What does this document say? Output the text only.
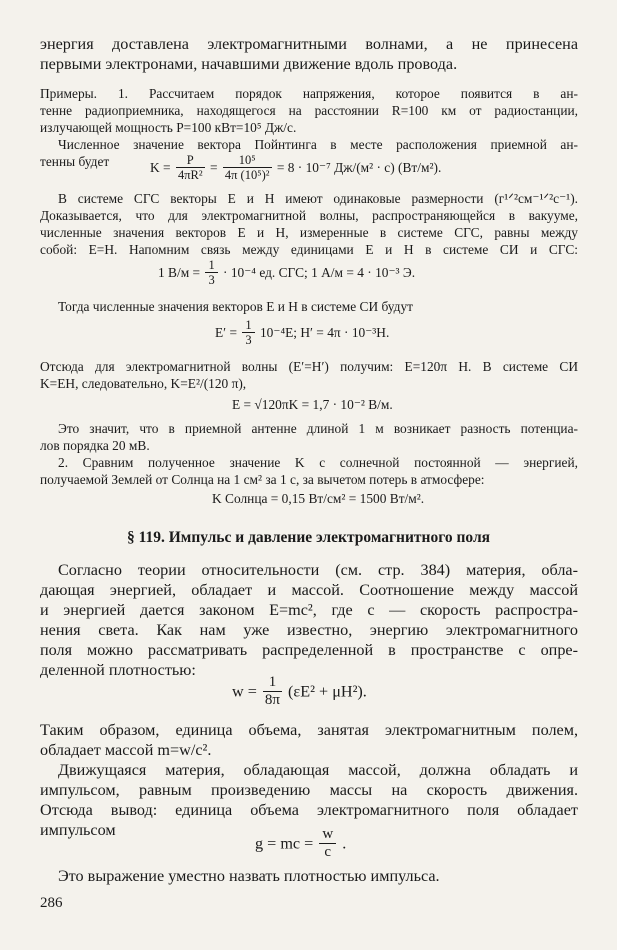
энергия доставлена электромагнитными волнами, а не принесена

первыми электронами, начавшими движение вдоль провода.

Примеры. 1. Рассчитаем порядок напряжения, которое появится в ан-

тенне радиоприемника, находящегося на расстоянии R=100 км от радиостанции,

излучающей мощность P=100 кВт=10⁵ Дж/с.

Численное значение вектора Пойнтинга в месте расположения приемной ан-

тенны будет	$K = \frac{P}{\text{4πR²}} = \frac{\text{10⁵}}{\text{4π (10⁵)²}} = 8 \cdot 10^{-7}$ Дж/(м² · с) (Вт/м²).

В системе СГС векторы E и H имеют одинаковые размерности (г¹ᐟ²см⁻¹ᐟ²с⁻¹).

Доказывается, что для электромагнитной волны, распространяющейся в вакууме,

численные значения векторов E и H, измеренные в системе СГС, равны между

собой: E=H. Напомним связь между единицами E и H в системе СИ и СГС:

1 $В/м = \frac{1}{3} \cdot 10^{-4}$ ед. СГС; 1 А/м = 4 · 10⁻³ Э.

Тогда численные значения векторов E и H в системе СИ будут

$E' = \frac{1}{3} 10^{-4}E$; H′ = 4π · 10⁻³H.

Отсюда для электромагнитной волны (E′=H′) получим: E=120π H. В системе СИ

K=EH, следовательно, K=E²/(120 π),

E = √120πK = 1,7 · 10⁻² В/м.

Это значит, что в приемной антенне длиной 1 м возникает разность потенциа-

лов порядка 20 мВ.

2. Сравним полученное значение K с солнечной постоянной — энергией,

получаемой Землей от Солнца на 1 см² за 1 с, за вычетом потерь в атмосфере:

K Солнца = 0,15 Вт/см² = 1500 Вт/м².

§ 119. Импульс и давление электромагнитного поля

Согласно теории относительности (см. стр. 384) материя, обла-

дающая энергией, обладает и массой. Соотношение между массой

и энергией дается законом E=mc², где c — скорость распростра-

нения света. Как нам уже известно, энергию электромагнитного

поля можно рассматривать распределенной в пространстве с опре-

деленной плотностью:

$w = \frac{1}{8\pi} (\varepsilon E^2 + \mu H^2)$.

Таким образом, единица объема, занятая электромагнитным полем,

обладает массой m=w/c².

Движущаяся материя, обладающая массой, должна обладать и

импульсом, равным произведению массы на скорость движения.

Отсюда вывод: единица объема электромагнитного поля обладает

импульсом

g = mc = $\frac{w}{c}$ .

Это выражение уместно назвать плотностью импульса.

286
